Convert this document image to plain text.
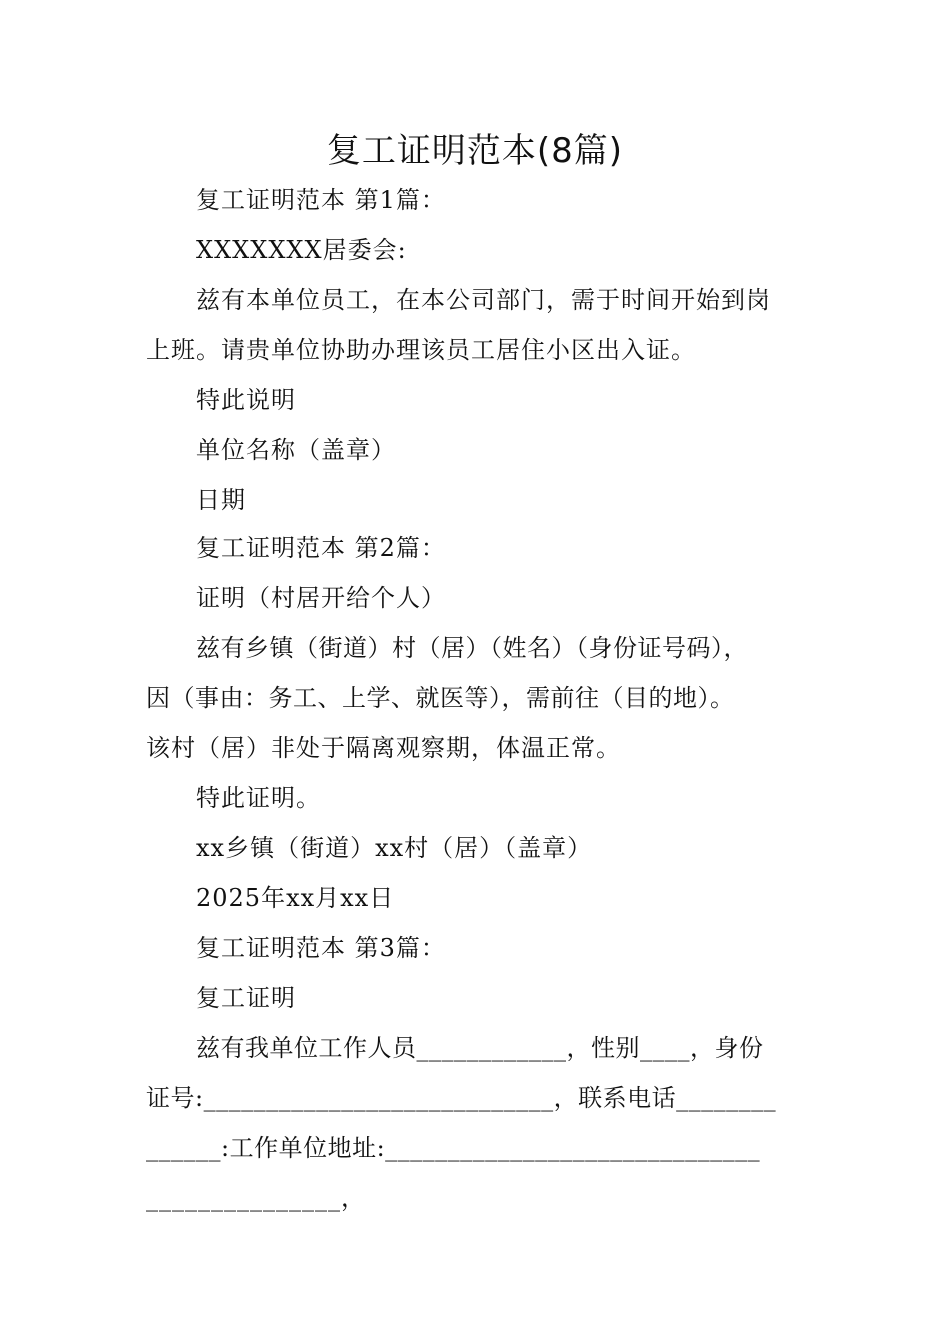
复工证明范本(8篇)
复工证明范本 第1篇：
XXXXXXX居委会:
兹有本单位员工，在本公司部门，需于时间开始到岗
上班。请贵单位协助办理该员工居住小区出入证。
特此说明
单位名称（盖章）
日期
复工证明范本 第2篇：
证明（村居开给个人）
兹有乡镇（街道）村（居）（姓名）（身份证号码），
因（事由：务工、上学、就医等），需前往（目的地）。
该村（居）非处于隔离观察期，体温正常。
特此证明。
xx乡镇（街道）xx村（居）（盖章）
2025年xx月xx日
复工证明范本 第3篇：
复工证明
兹有我单位工作人员____________，性别____，身份
证号:____________________________，联系电话________
______:工作单位地址:______________________________
_______________，
